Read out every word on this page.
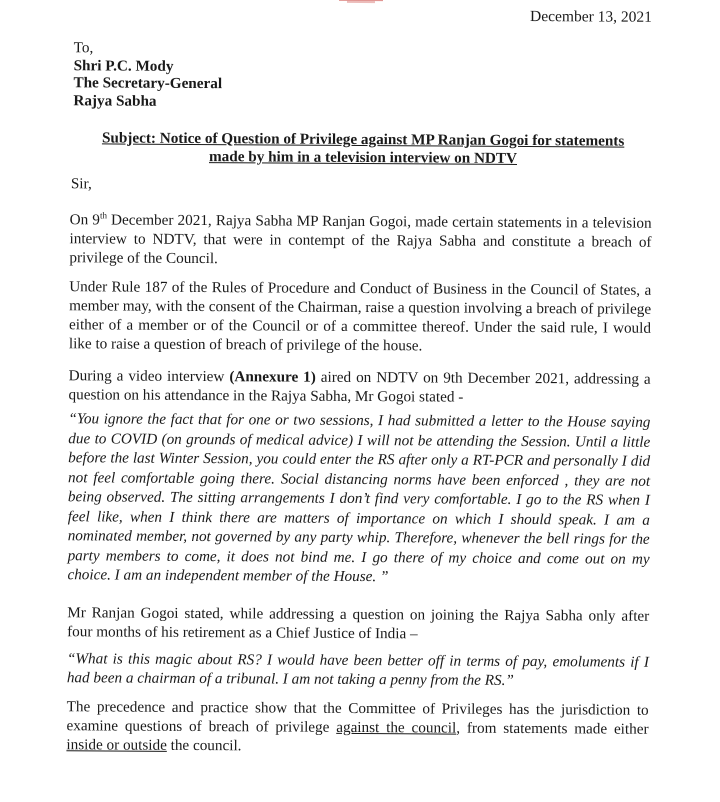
December 13, 2021
To,
Shri P.C. Mody
The Secretary-General
Rajya Sabha
Subject: Notice of Question of Privilege against MP Ranjan Gogoi for statements
made by him in a television interview on NDTV
Sir,
On 9th December 2021, Rajya Sabha MP Ranjan Gogoi, made certain statements in a television interview to NDTV, that were in contempt of the Rajya Sabha and constitute a breach of privilege of the Council.
Under Rule 187 of the Rules of Procedure and Conduct of Business in the Council of States, a member may, with the consent of the Chairman, raise a question involving a breach of privilege either of a member or of the Council or of a committee thereof. Under the said rule, I would like to raise a question of breach of privilege of the house.
During a video interview (Annexure 1) aired on NDTV on 9th December 2021, addressing a question on his attendance in the Rajya Sabha, Mr Gogoi stated -
“You ignore the fact that for one or two sessions, I had submitted a letter to the House saying due to COVID (on grounds of medical advice) I will not be attending the Session. Until a little before the last Winter Session, you could enter the RS after only a RT-PCR and personally I did not feel comfortable going there. Social distancing norms have been enforced , they are not being observed. The sitting arrangements I don’t find very comfortable. I go to the RS when I feel like, when I think there are matters of importance on which I should speak. I am a nominated member, not governed by any party whip. Therefore, whenever the bell rings for the party members to come, it does not bind me. I go there of my choice and come out on my choice. I am an independent member of the House. ”
Mr Ranjan Gogoi stated, while addressing a question on joining the Rajya Sabha only after four months of his retirement as a Chief Justice of India –
“What is this magic about RS? I would have been better off in terms of pay, emoluments if I had been a chairman of a tribunal. I am not taking a penny from the RS.”
The precedence and practice show that the Committee of Privileges has the jurisdiction to examine questions of breach of privilege against the council, from statements made either inside or outside the council.
